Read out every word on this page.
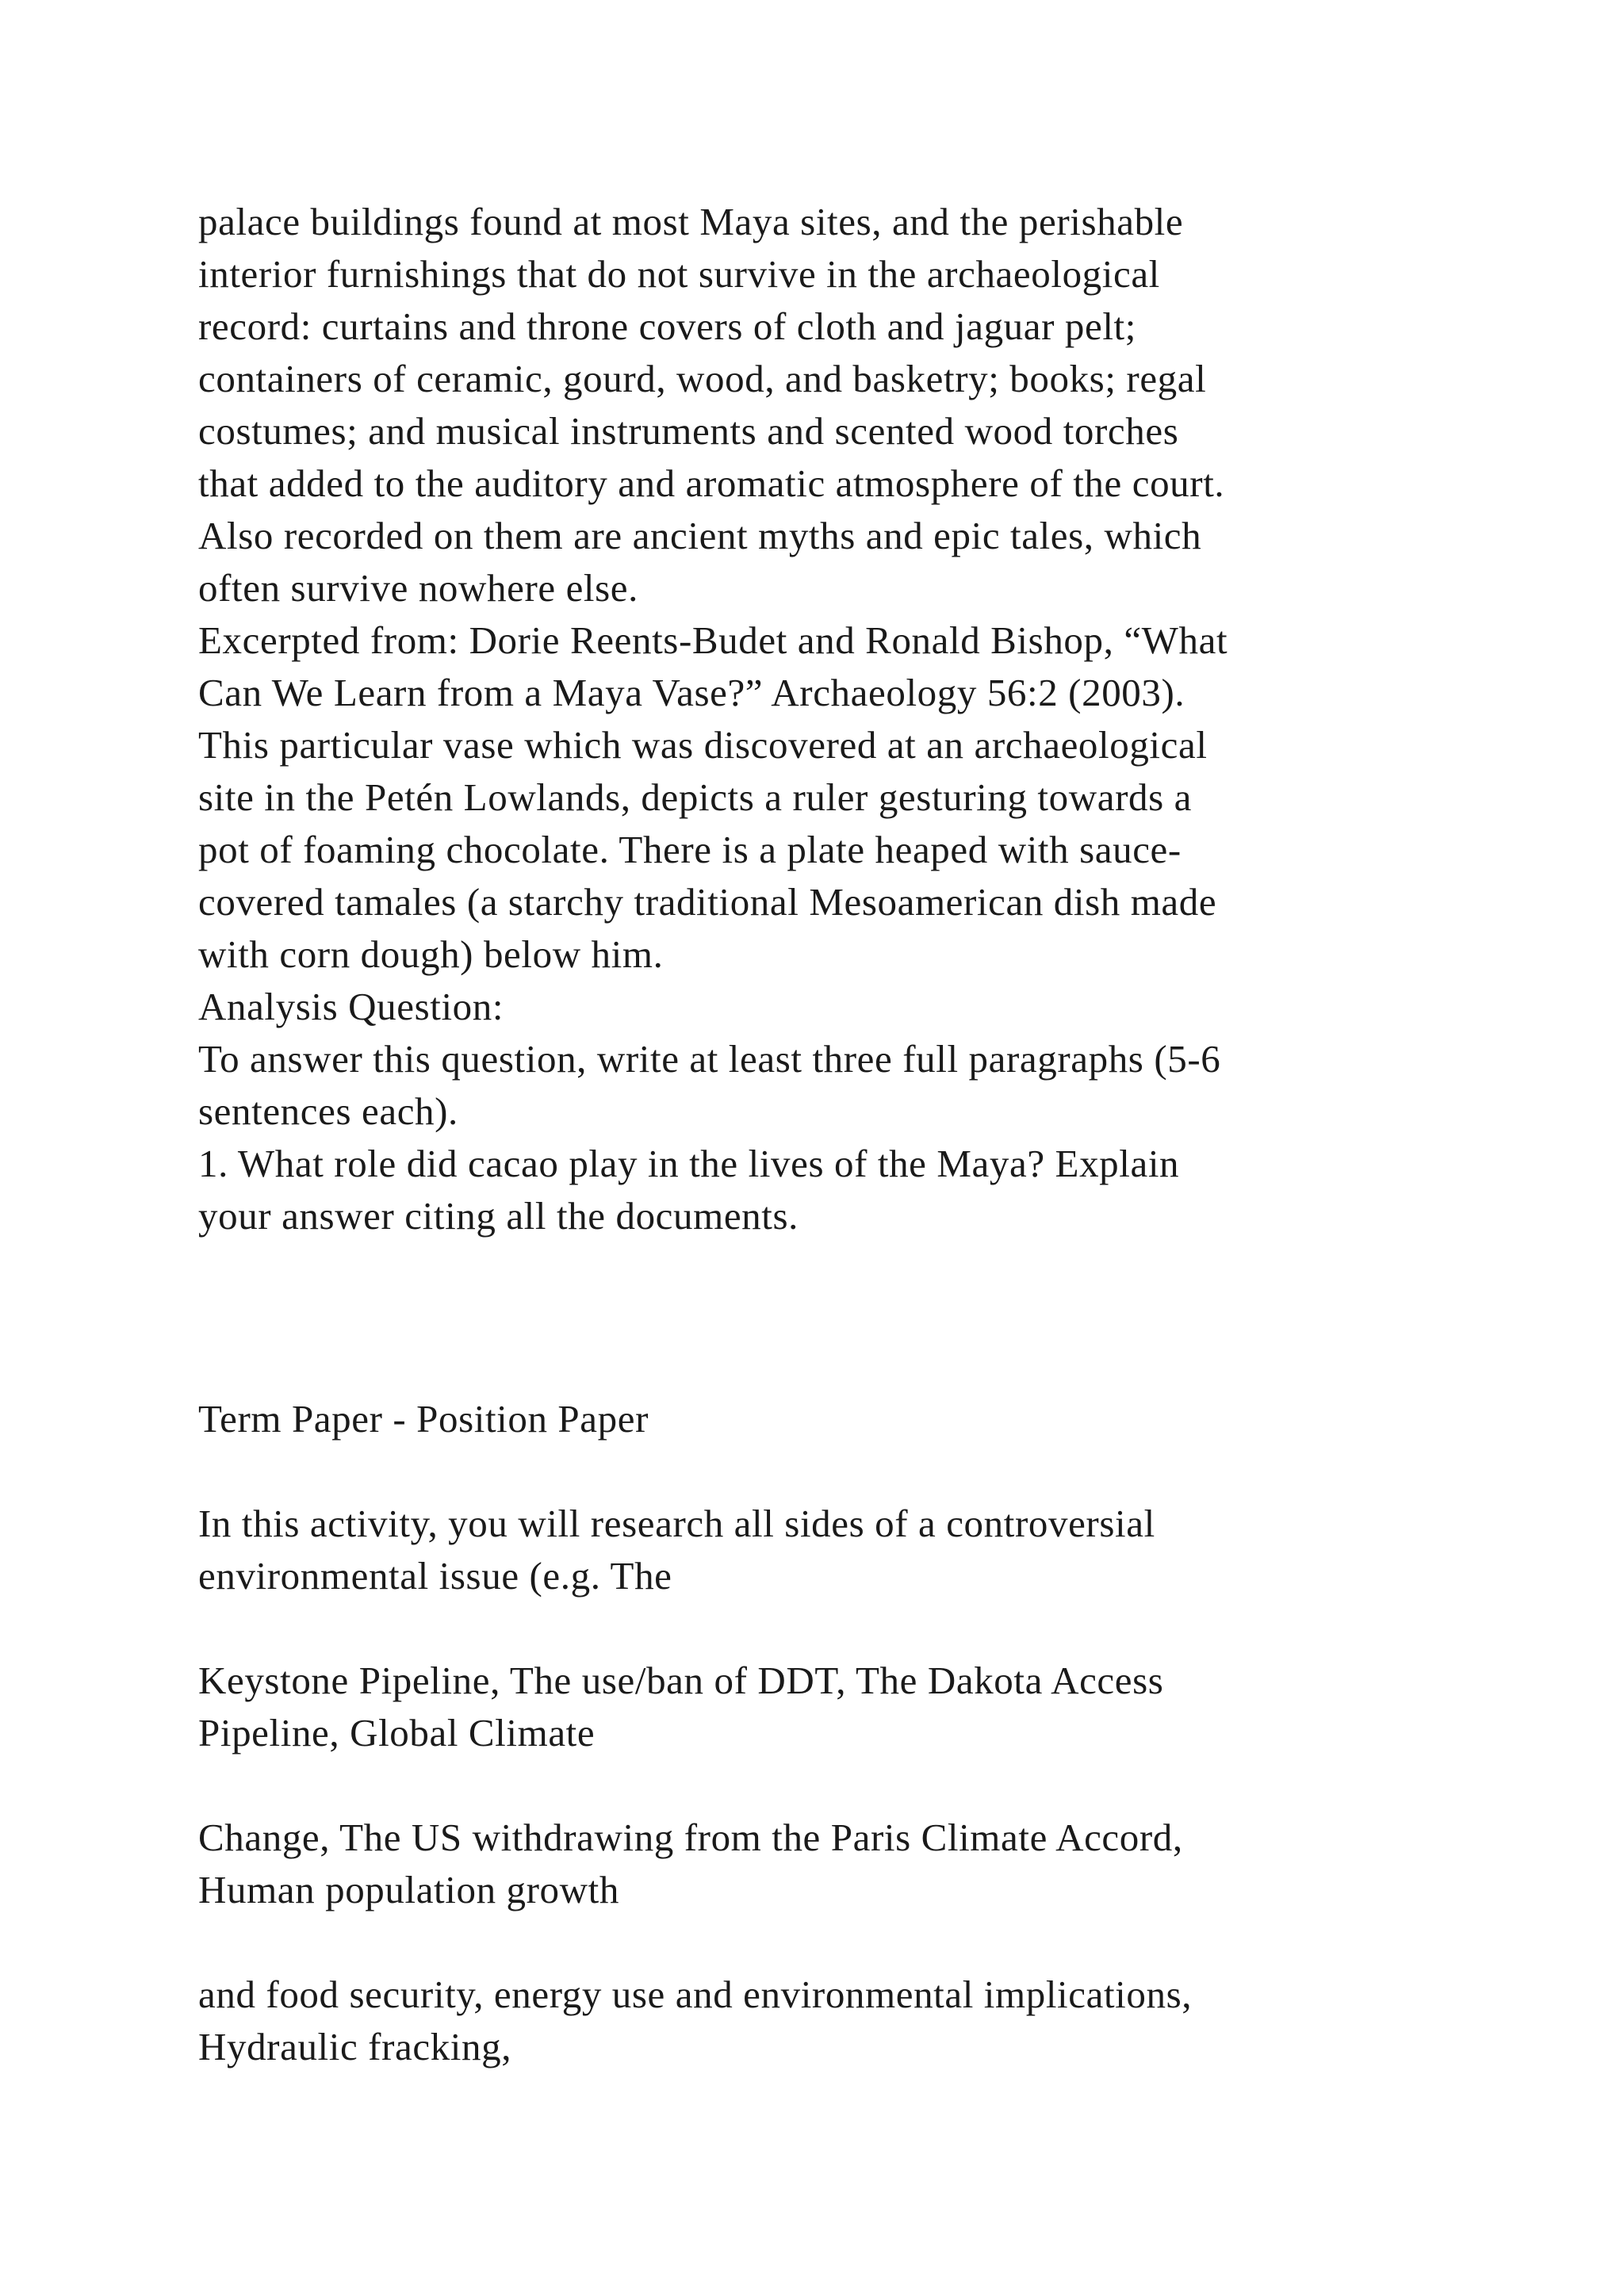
palace buildings found at most Maya sites, and the perishable
interior furnishings that do not survive in the archaeological
record: curtains and throne covers of cloth and jaguar pelt;
containers of ceramic, gourd, wood, and basketry; books; regal
costumes; and musical instruments and scented wood torches
that added to the auditory and aromatic atmosphere of the court.
Also recorded on them are ancient myths and epic tales, which
often survive nowhere else.
Excerpted from: Dorie Reents-Budet and Ronald Bishop, “What
Can We Learn from a Maya Vase?” Archaeology 56:2 (2003).
This particular vase which was discovered at an archaeological
site in the Petén Lowlands, depicts a ruler gesturing towards a
pot of foaming chocolate. There is a plate heaped with sauce-
covered tamales (a starchy traditional Mesoamerican dish made
with corn dough) below him.
Analysis Question:
To answer this question, write at least three full paragraphs (5-6
sentences each).
1. What role did cacao play in the lives of the Maya? Explain
your answer citing all the documents.
Term Paper - Position Paper
In this activity, you will research all sides of a controversial
environmental issue (e.g. The
Keystone Pipeline, The use/ban of DDT, The Dakota Access
Pipeline, Global Climate
Change, The US withdrawing from the Paris Climate Accord,
Human population growth
and food security, energy use and environmental implications,
Hydraulic fracking,
